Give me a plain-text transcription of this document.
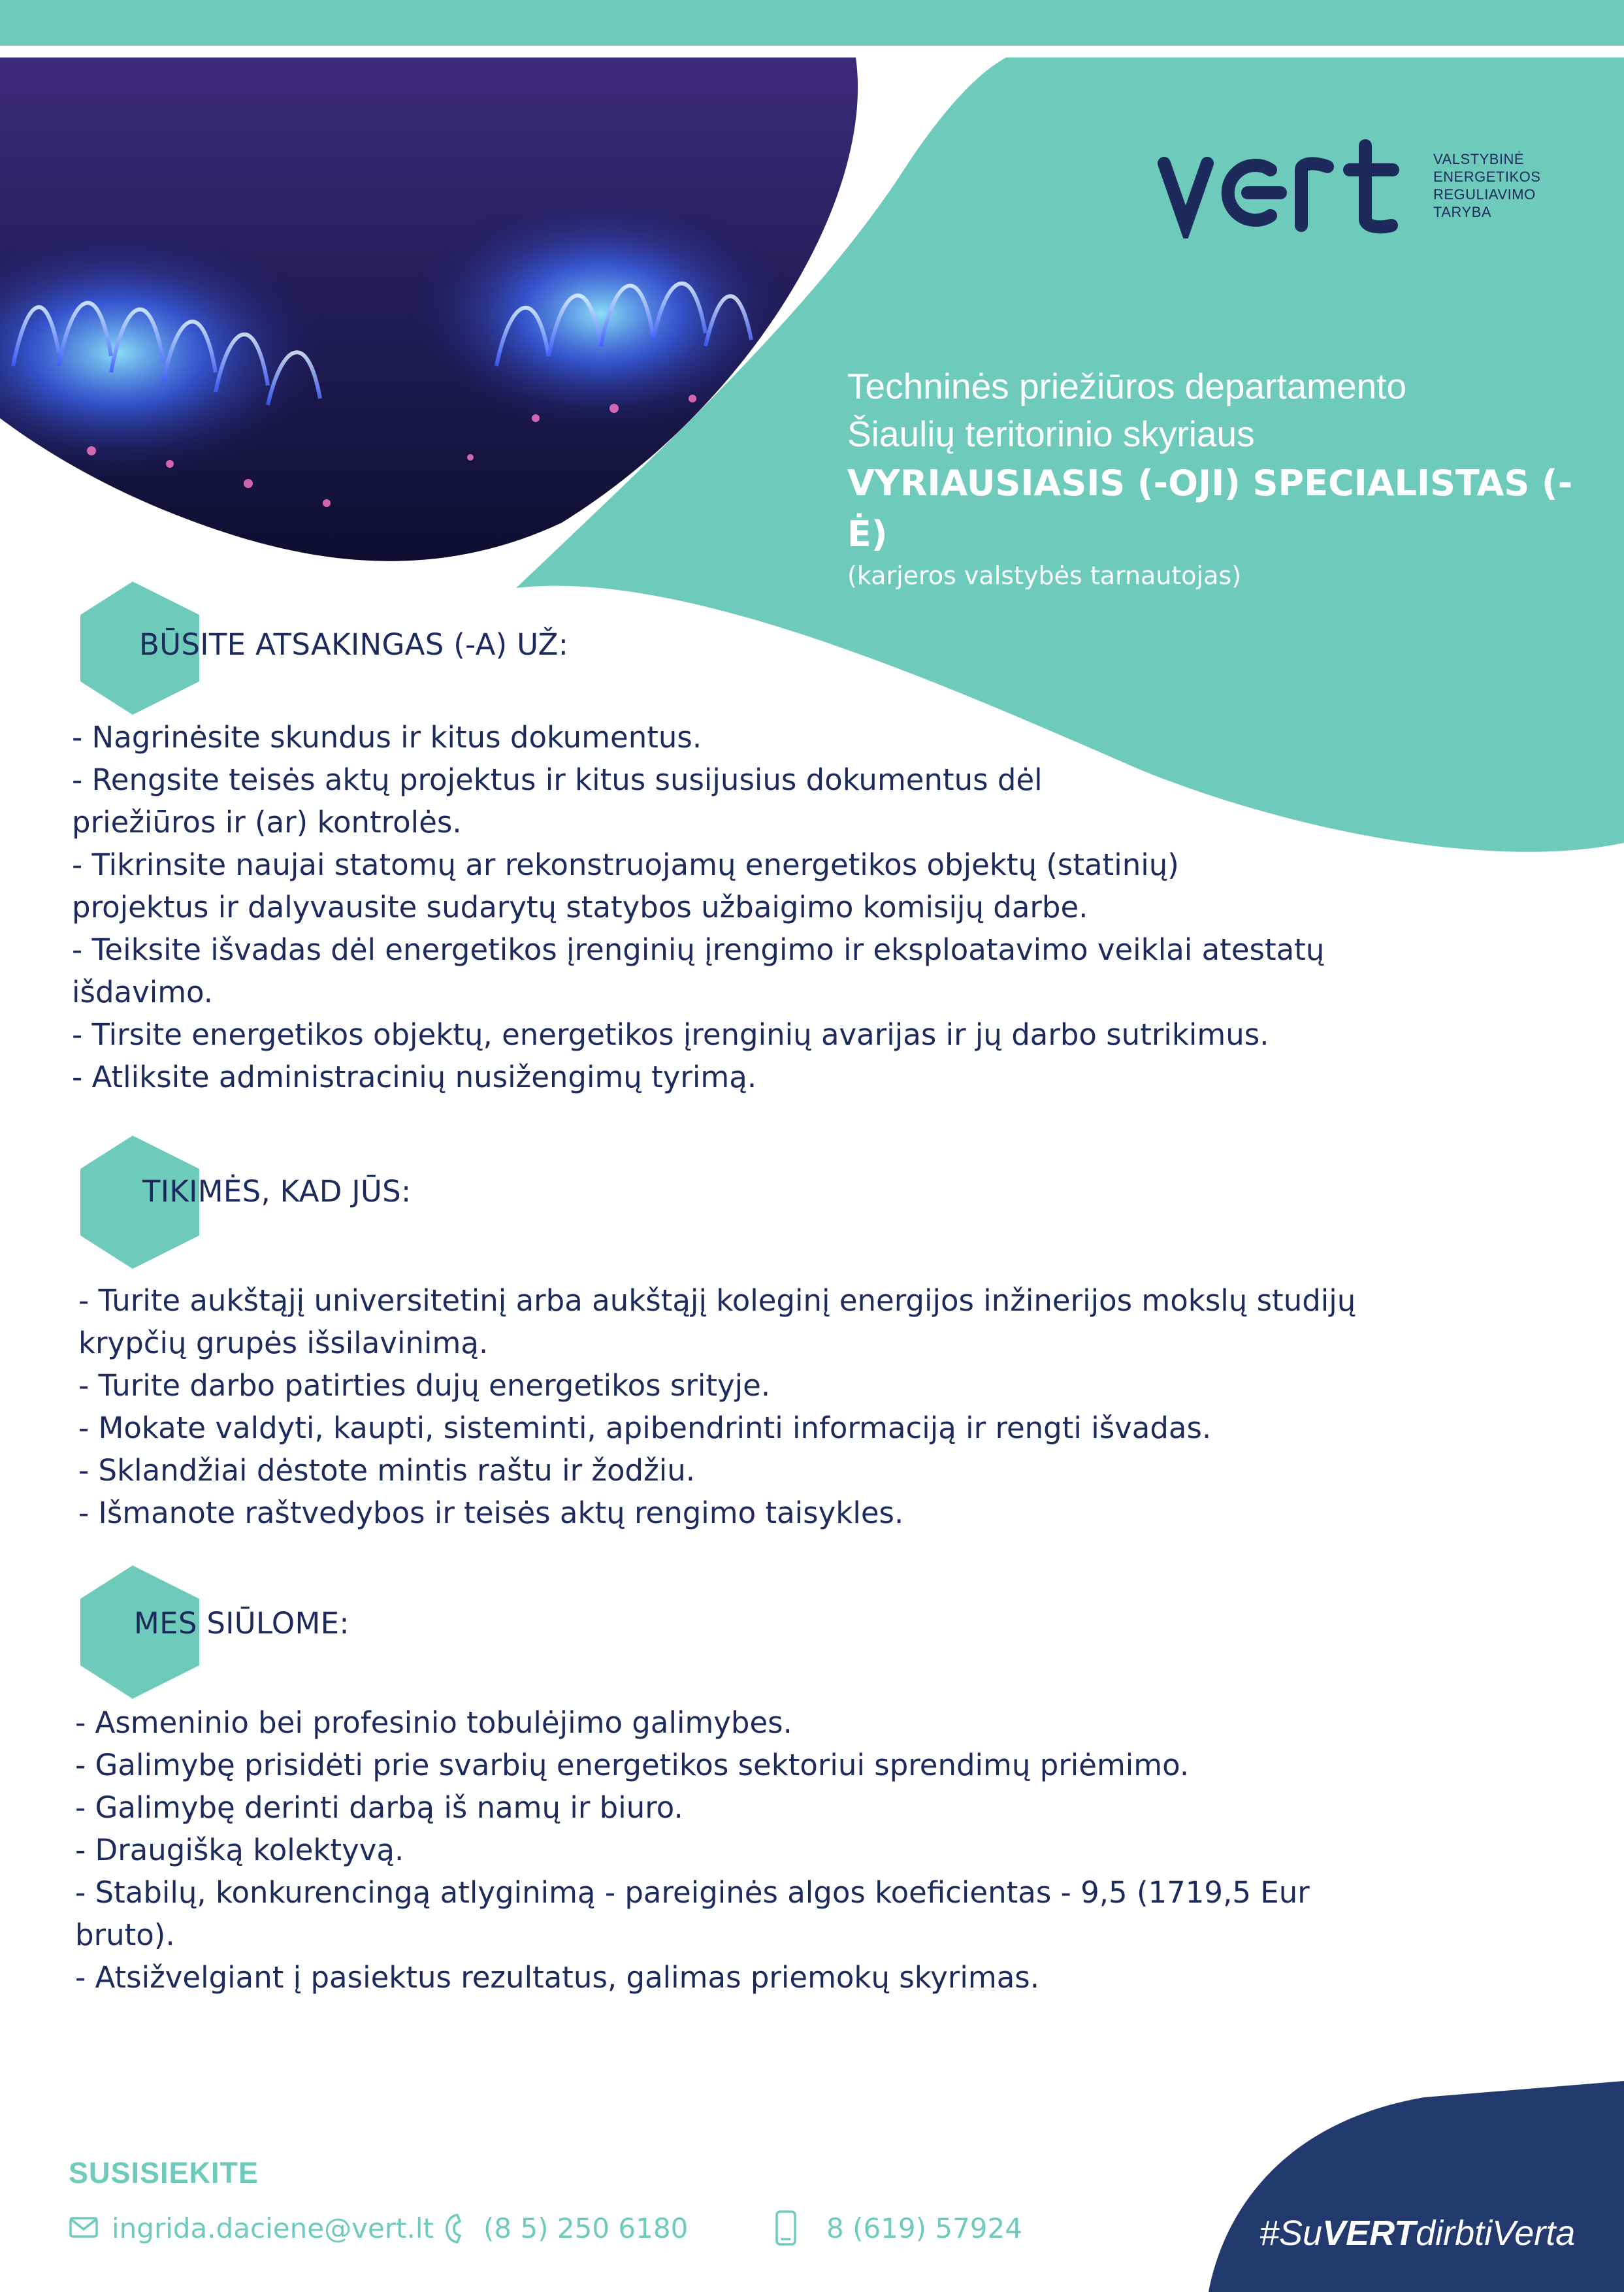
VALSTYBINĖ
ENERGETIKOS
REGULIAVIMO
TARYBA
Techninės priežiūros departamento
Šiaulių teritorinio skyriaus
VYRIAUSIASIS (-OJI) SPECIALISTAS (-Ė)
(karjeros valstybės tarnautojas)
BŪSITE ATSAKINGAS (-A) UŽ:
- Nagrinėsite skundus ir kitus dokumentus.
- Rengsite teisės aktų projektus ir kitus susijusius dokumentus dėl
priežiūros ir (ar) kontrolės.
- Tikrinsite naujai statomų ar rekonstruojamų energetikos objektų (statinių)
projektus ir dalyvausite sudarytų statybos užbaigimo komisijų darbe.
- Teiksite išvadas dėl energetikos įrenginių įrengimo ir eksploatavimo veiklai atestatų
išdavimo.
- Tirsite energetikos objektų, energetikos įrenginių avarijas ir jų darbo sutrikimus.
- Atliksite administracinių nusižengimų tyrimą.
TIKIMĖS, KAD JŪS:
- Turite aukštąjį universitetinį arba aukštąjį koleginį energijos inžinerijos mokslų studijų
krypčių grupės išsilavinimą.
- Turite darbo patirties dujų energetikos srityje.
- Mokate valdyti, kaupti, sisteminti, apibendrinti informaciją ir rengti išvadas.
- Sklandžiai dėstote mintis raštu ir žodžiu.
- Išmanote raštvedybos ir teisės aktų rengimo taisykles.
MES SIŪLOME:
- Asmeninio bei profesinio tobulėjimo galimybes.
- Galimybę prisidėti prie svarbių energetikos sektoriui sprendimų priėmimo.
- Galimybę derinti darbą iš namų ir biuro.
- Draugišką kolektyvą.
- Stabilų, konkurencingą atlyginimą - pareiginės algos koeficientas - 9,5 (1719,5 Eur
bruto).
- Atsižvelgiant į pasiektus rezultatus, galimas priemokų skyrimas.
SUSISIEKITE
ingrida.daciene@vert.lt (8 5) 250 6180	8 (619) 57924	#SuVERTdirbtiVerta
